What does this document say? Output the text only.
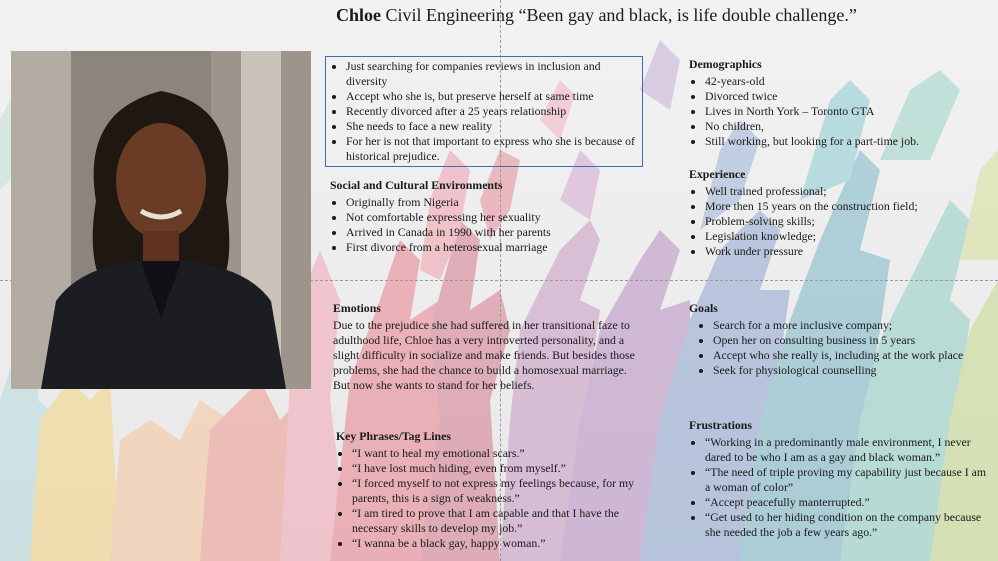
Chloe Civil Engineering “Been gay and black, is life double challenge.”
• Just searching for companies reviews in inclusion and diversity
• Accept who she is, but preserve herself at same time
• Recently divorced after a 25 years relationship
• She needs to face a new reality
• For her is not that important to express who she is because of historical prejudice.
Social and Cultural Environments
• Originally from Nigeria
• Not comfortable expressing her sexuality
• Arrived in Canada in 1990 with her parents
• First divorce from a heterosexual marriage
Demographics
• 42-years-old
• Divorced twice
• Lives in North York – Toronto GTA
• No children,
• Still working, but looking for a part-time job.
Experience
• Well trained professional;
• More then 15 years on the construction field;
• Problem-solving skills;
• Legislation knowledge;
• Work under pressure
Emotions

Due to the prejudice she had suffered in her transitional faze to adulthood life, Chloe has a very introverted personality, and a slight difficulty in socialize and make friends. But besides those problems, she had the chance to build a homosexual marriage. But now she wants to stand for her beliefs.

Goals
• Search for a more inclusive company;
• Open her on consulting business in 5 years
• Accept who she really is, including at the work place
• Seek for physiological counselling
Key Phrases/Tag Lines
• “I want to heal my emotional scars.”
• “I have lost much hiding, even from myself.”
• “I forced myself to not express my feelings because, for my parents, this is a sign of weakness.”
• “I am tired to prove that I am capable and that I have the necessary skills to develop my job.”
• “I wanna be a black gay, happy woman.”
Frustrations
• “Working in a predominantly male environment, I never dared to be who I am as a gay and black woman.”
• “The need of triple proving my capability just because I am a woman of color”
• “Accept peacefully manterrupted.”
• “Get used to her hiding condition on the company because she needed the job a few years ago.”
